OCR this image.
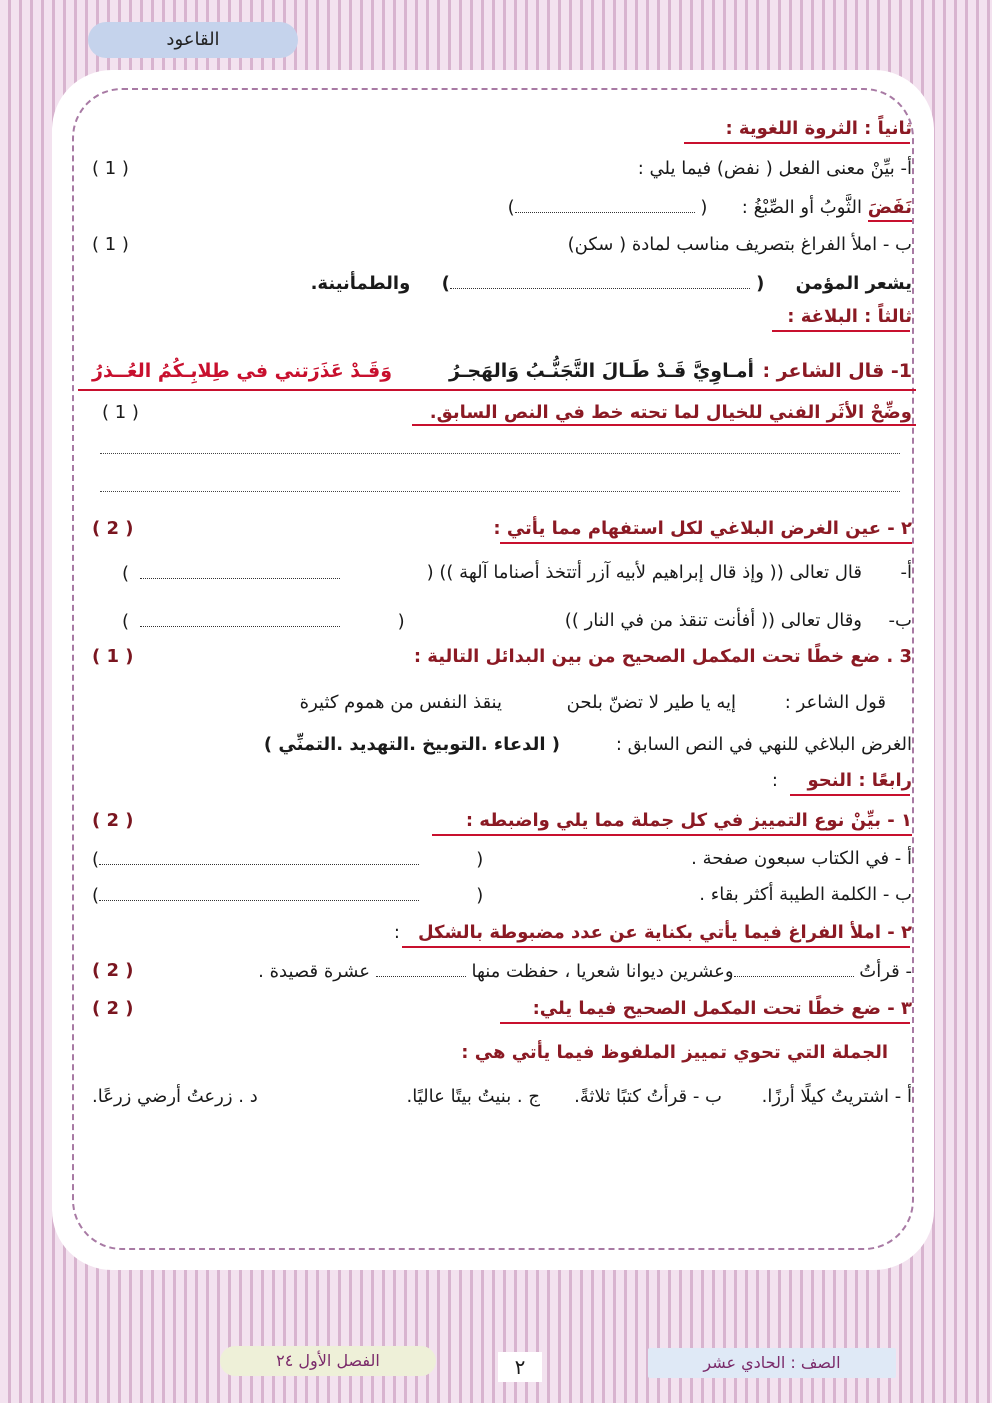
القاعود
ثانياً : الثروة اللغوية :
أ- بيِّنْ معنى الفعل ( نفض) فيما يلي :
( 1 )
نَفَضَ الثَّوبُ أو الصِّبْغُ :      ( )
ب - املأ الفراغ بتصريف مناسب لمادة ( سكن)
( 1 )
يشعر المؤمن     ( )     والطمأنينة.
ثالثاً : البلاغة :
1- قال الشاعر :
أمـاوِيَّ قَـدْ طَـالَ التَّجَنُّـبُ وَالهَجـرُ
وَقَـدْ عَذَرَتني في طِلابِـكُمُ العُــذرُ
وضِّحْ الأثَر الفني للخيال لما تحته خط في النص السابق.
( 1 )
٢ - عين الغرض البلاغي لكل استفهام مما يأتي :
( 2 )
أ-
قال تعالى (( وإذ قال إبراهيم لأبيه آزر أتتخذ أصناما آلهة )) (
)
ب-
وقال تعالى (( أفأنت تنقذ من في النار ))
(            )
3 . ضع خطًا تحت المكمل الصحيح من بين البدائل التالية :
( 1 )
قول الشاعر :
إيه يا طير لا تضنّ بلحن
ينقذ النفس من هموم كثيرة
الغرض البلاغي للنهي في النص السابق :
( الدعاء .التوبيخ .التهديد .التمنِّي )
رابعًا : النحو
:
١ - بيِّنْ نوع التمييز في كل جملة مما يلي واضبطه :
( 2 )
أ - في الكتاب سبعون صفحة .
(          )
ب - الكلمة الطيبة أكثر بقاء .
(          )
٢ - املأ الفراغ فيما يأتي بكناية عن عدد مضبوطة بالشكل
:
- قرأتُ وعشرين ديوانا شعريا ، حفظت منها  عشرة قصيدة .
( 2 )
٣ - ضع خطًا تحت المكمل الصحيح فيما يلي:
( 2 )
الجملة التي تحوي تمييز الملفوظ فيما يأتي هي :
أ - اشتريتُ كيلًا أرزًا.
ب - قرأتُ كتبًا ثلاثةً.
ج . بنيتُ بيتًا عاليًا.
د . زرعتُ أرضي زرعًا.
الفصل الأول ٢٤	٢	الصف : الحادي عشر
